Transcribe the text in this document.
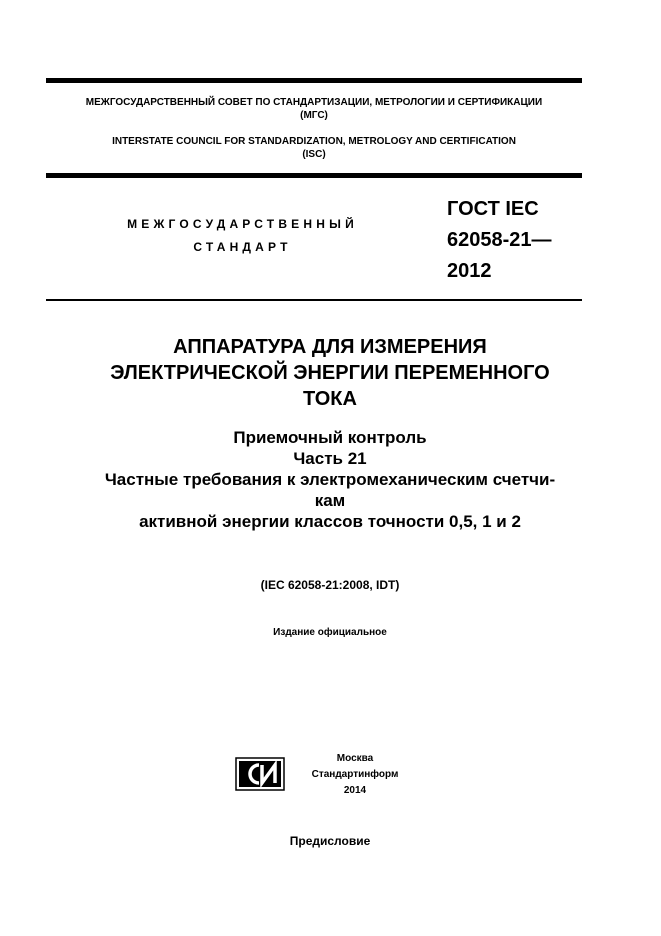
МЕЖГОСУДАРСТВЕННЫЙ СОВЕТ ПО СТАНДАРТИЗАЦИИ, МЕТРОЛОГИИ И СЕРТИФИКАЦИИ
(МГС)
INTERSTATE COUNCIL FOR STANDARDIZATION, METROLOGY AND CERTIFICATION
(ISC)
МЕЖГОСУДАРСТВЕННЫЙ
СТАНДАРТ
ГОСТ IEC
62058-21—
2012
АППАРАТУРА ДЛЯ ИЗМЕРЕНИЯ
ЭЛЕКТРИЧЕСКОЙ ЭНЕРГИИ ПЕРЕМЕННОГО
ТОКА
Приемочный контроль
Часть 21
Частные требования к электромеханическим счетчи-
кам
активной энергии классов точности 0,5, 1 и 2
(IEC 62058-21:2008, IDT)
Издание официальное
Москва
Стандартинформ
2014
Предисловие
